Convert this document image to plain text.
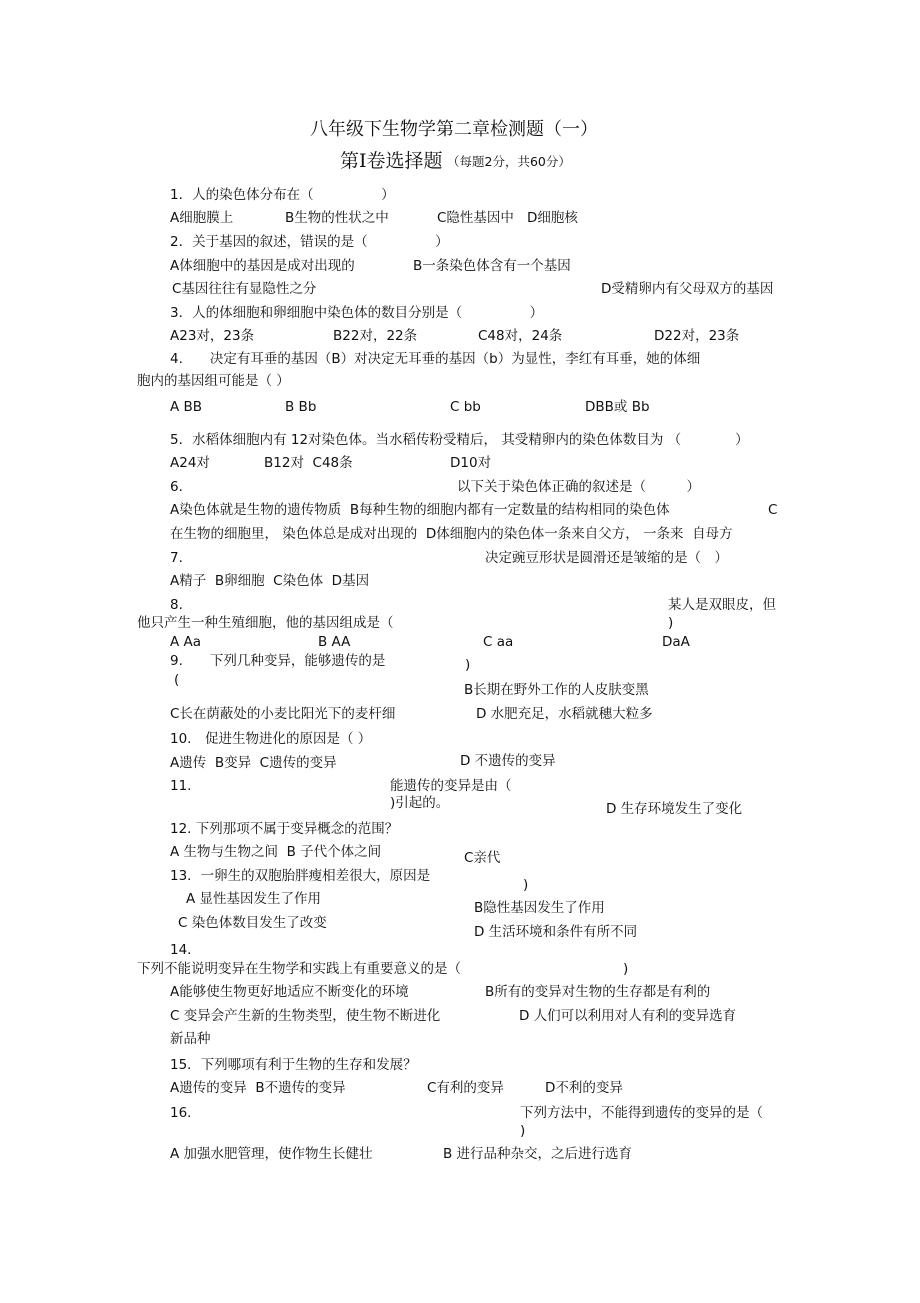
八年级下生物学第二章检测题（一）
第Ⅰ卷选择题 （每题2分，共60分）
1．人的染色体分布在（　　　　　）
A细胞膜上	B生物的性状之中	C隐性基因中 D细胞核
2．关于基因的叙述，错误的是（　　　　　）
A体细胞中的基因是成对出现的	B一条染色体含有一个基因
C基因往往有显隐性之分	D受精卵内有父母双方的基因
3．人的体细胞和卵细胞中染色体的数目分别是（　　　　　）
A23对，23条	B22对，22条	C48对，24条	D22对，23条
4.　　决定有耳垂的基因（B）对决定无耳垂的基因（b）为显性，李红有耳垂，她的体细
胞内的基因组可能是（ ）
A BB	B Bb	C bb	DBB或 Bb
5．水稻体细胞内有 12对染色体。当水稻传粉受精后， 其受精卵内的染色体数目为 （　　　　）
A24对	B12对  C48条	D10对
6．	以下关于染色体正确的叙述是（　　　）
A染色体就是生物的遗传物质  B每种生物的细胞内都有一定数量的结构相同的染色体	C
在生物的细胞里， 染色体总是成对出现的  D体细胞内的染色体一条来自父方， 一条来  自母方
7．	决定豌豆形状是圆滑还是皱缩的是（　）
A精子  B卵细胞  C染色体  D基因
8．	某人是双眼皮，但
他只产生一种生殖细胞，他的基因组成是（	)
A Aa	B AA	C aa	DaA
9.　　下列几种变异，能够遗传的是	)
(
B长期在野外工作的人皮肤变黑
C长在荫蔽处的小麦比阳光下的麦杆细	D 水肥充足，水稻就穗大粒多
10.　促进生物进化的原因是（ ）
A遗传  B变异  C遗传的变异	D 不遗传的变异
11.	能遗传的变异是由（
)引起的。	D 生存环境发生了变化
12. 下列那项不属于变异概念的范围？
A 生物与生物之间  B 子代个体之间	C亲代
13．一卵生的双胞胎胖瘦相差很大，原因是
)
A 显性基因发生了作用
B隐性基因发生了作用
C 染色体数目发生了改变
D 生活环境和条件有所不同
14.
下列不能说明变异在生物学和实践上有重要意义的是（	)
A能够使生物更好地适应不断变化的环境	B所有的变异对生物的生存都是有利的
C 变异会产生新的生物类型，使生物不断进化	D 人们可以利用对人有利的变异选育
新品种
15．下列哪项有利于生物的生存和发展？
A遗传的变异  B不遗传的变异	C有利的变异	D不利的变异
16．	下列方法中，不能得到遗传的变异的是（
)
A 加强水肥管理，使作物生长健壮	B 进行品种杂交，之后进行选育
